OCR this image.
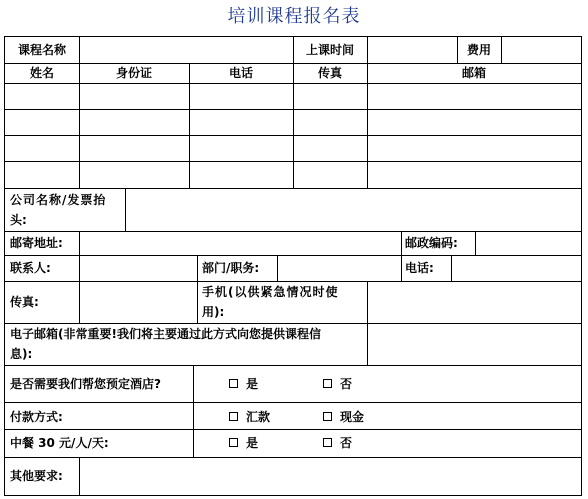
培训课程报名表
课程名称	上课时间	费用
姓名	身份证	电话	传真	邮箱
公司名称/发票抬
头:
邮寄地址:	邮政编码:
联系人:	部门/职务:	电话:
传真:
手机(以供紧急情况时使
用):
电子邮箱(非常重要!我们将主要通过此方式向您提供课程信
息):
是否需要我们帮您预定酒店?	是	否
付款方式:	汇款	现金
中餐 30 元/人/天:	是	否
其他要求:
